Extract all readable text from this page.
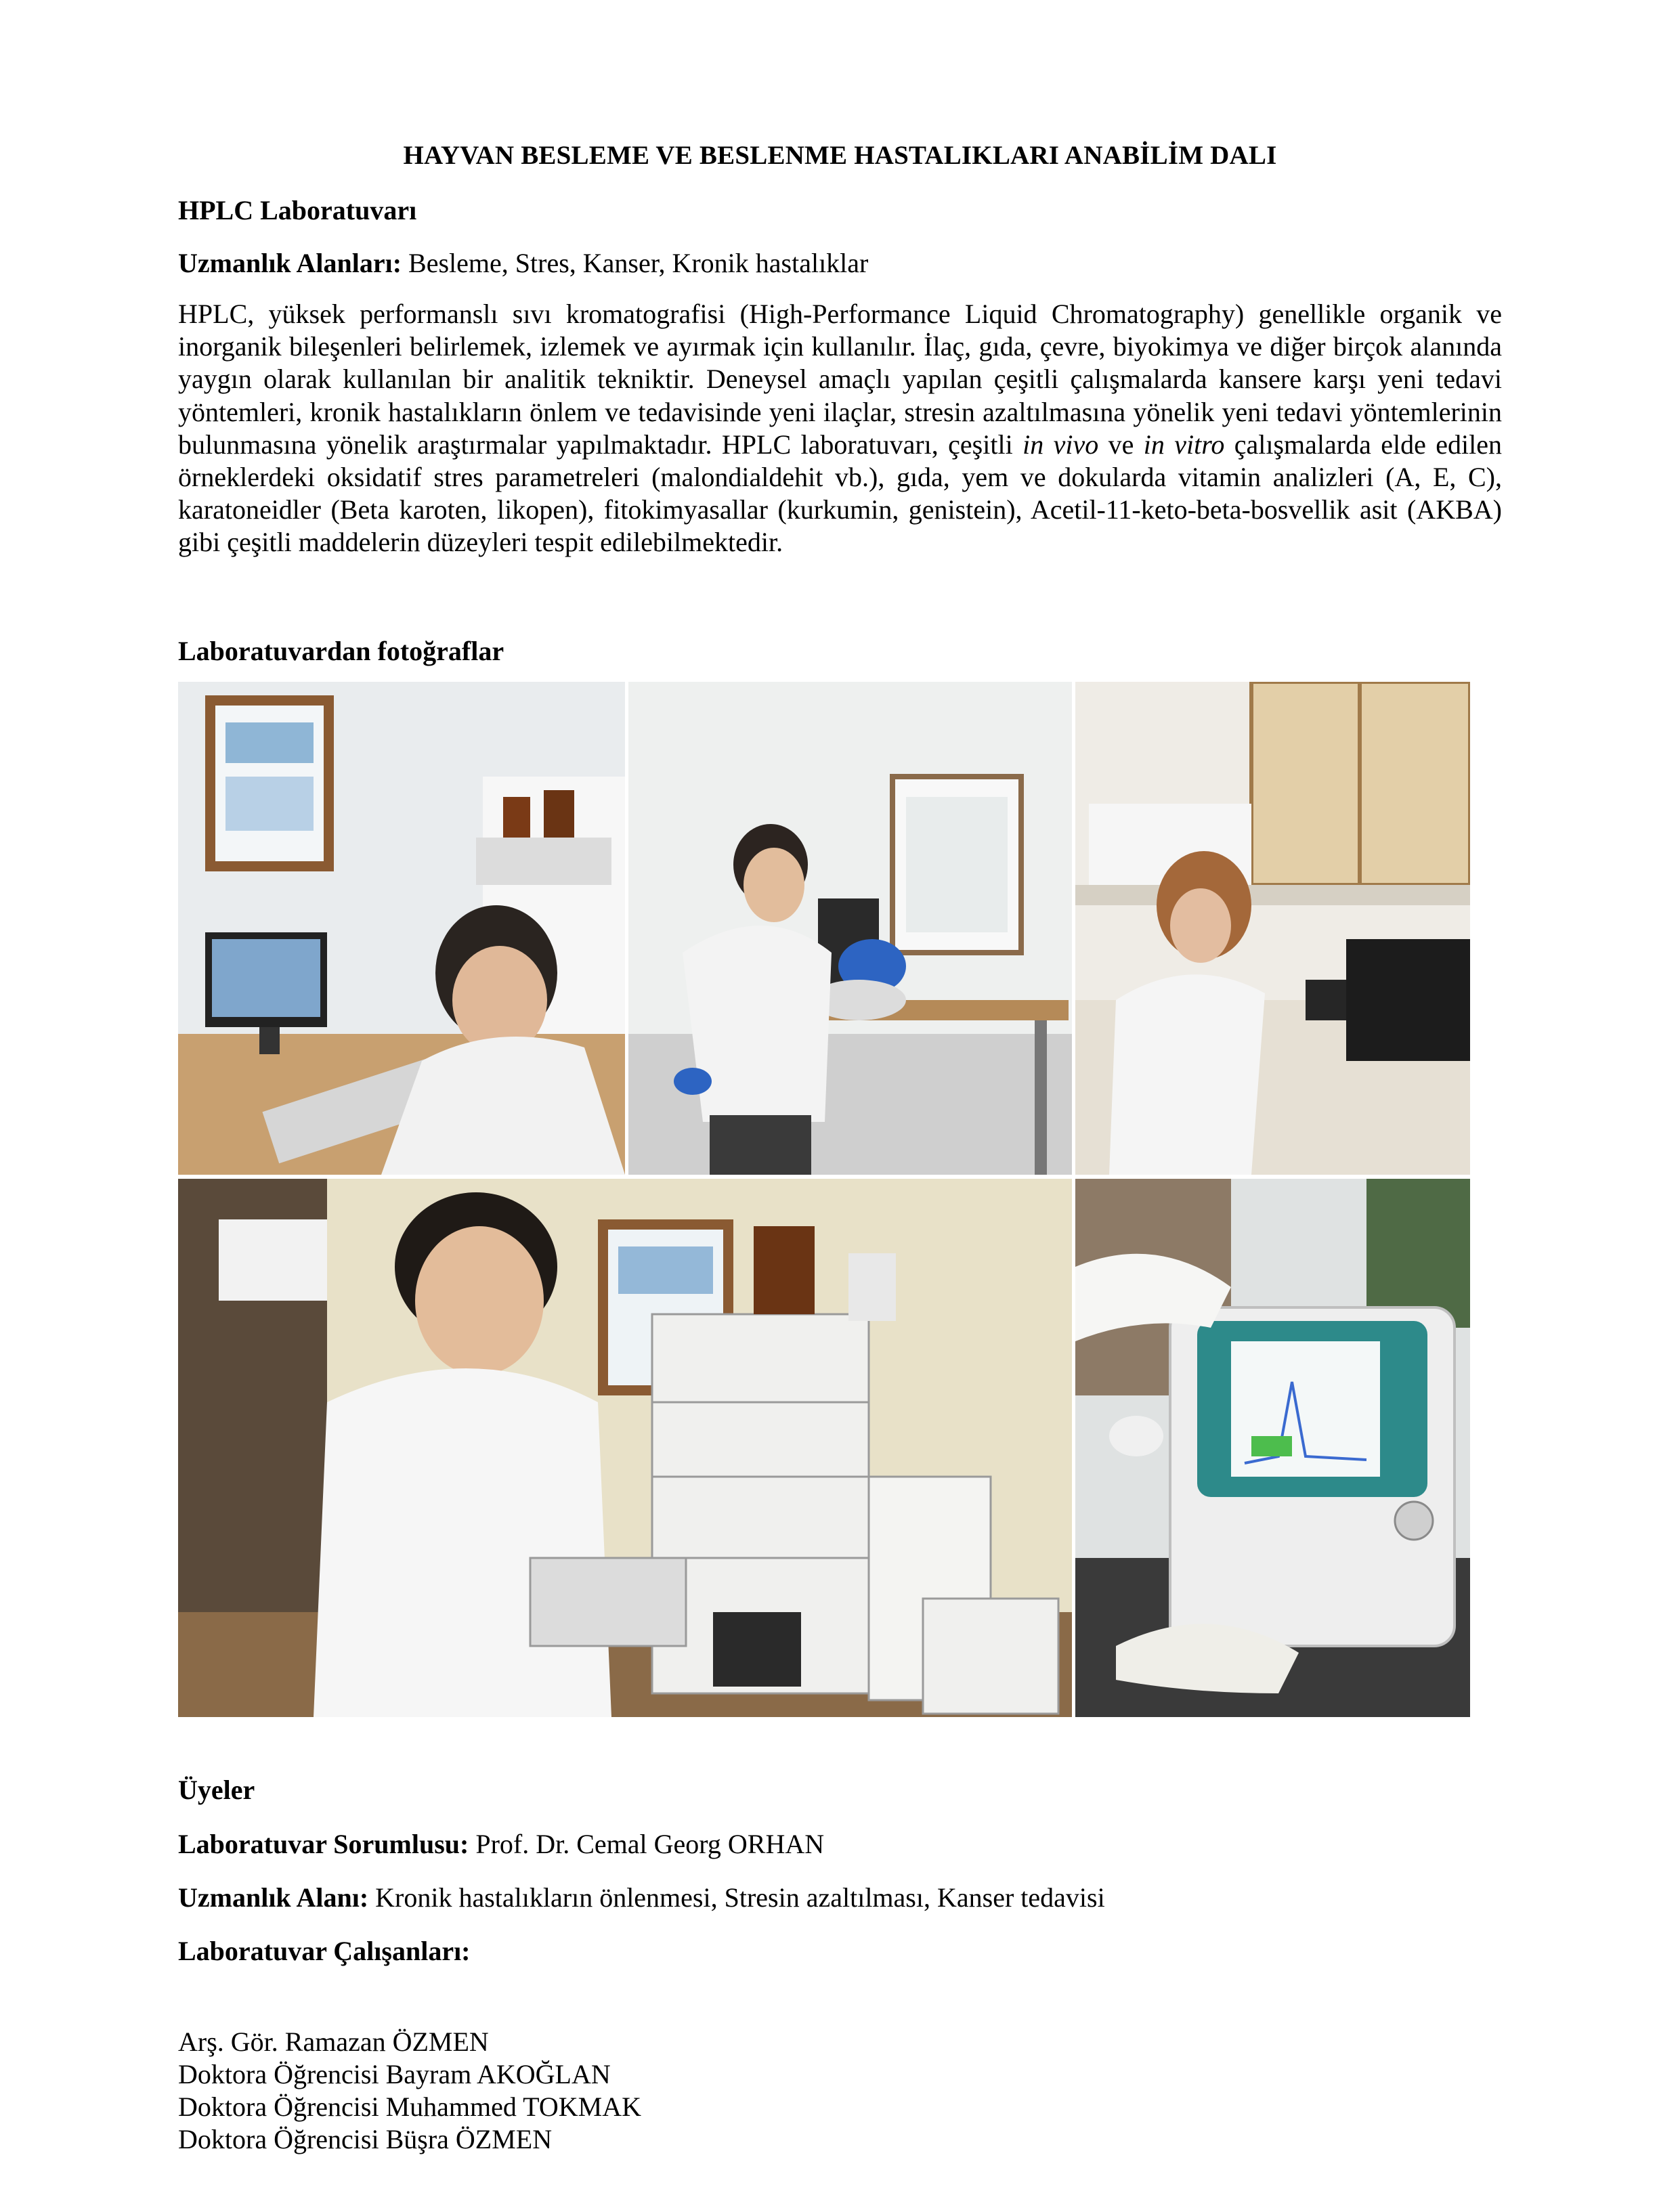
HAYVAN BESLEME VE BESLENME HASTALIKLARI ANABİLİM DALI
HPLC Laboratuvarı
Uzmanlık Alanları: Besleme, Stres, Kanser, Kronik hastalıklar
HPLC, yüksek performanslı sıvı kromatografisi (High-Performance Liquid Chromatography) genellikle organik ve inorganik bileşenleri belirlemek, izlemek ve ayırmak için kullanılır. İlaç, gıda, çevre, biyokimya ve diğer birçok alanında yaygın olarak kullanılan bir analitik tekniktir. Deneysel amaçlı yapılan çeşitli çalışmalarda kansere karşı yeni tedavi yöntemleri, kronik hastalıkların önlem ve tedavisinde yeni ilaçlar, stresin azaltılmasına yönelik yeni tedavi yöntemlerinin bulunmasına yönelik araştırmalar yapılmaktadır. HPLC laboratuvarı, çeşitli in vivo ve in vitro çalışmalarda elde edilen örneklerdeki oksidatif stres parametreleri (malondialdehit vb.), gıda, yem ve dokularda vitamin analizleri (A, E, C), karatoneidler (Beta karoten, likopen), fitokimyasallar (kurkumin, genistein), Acetil-11-keto-beta-bosvellik asit (AKBA) gibi çeşitli maddelerin düzeyleri tespit edilebilmektedir.
Laboratuvardan fotoğraflar
Üyeler
Laboratuvar Sorumlusu: Prof. Dr. Cemal Georg ORHAN
Uzmanlık Alanı: Kronik hastalıkların önlenmesi, Stresin azaltılması, Kanser tedavisi
Laboratuvar Çalışanları:
Arş. Gör. Ramazan ÖZMEN
Doktora Öğrencisi Bayram AKOĞLAN
Doktora Öğrencisi Muhammed TOKMAK
Doktora Öğrencisi Büşra ÖZMEN
